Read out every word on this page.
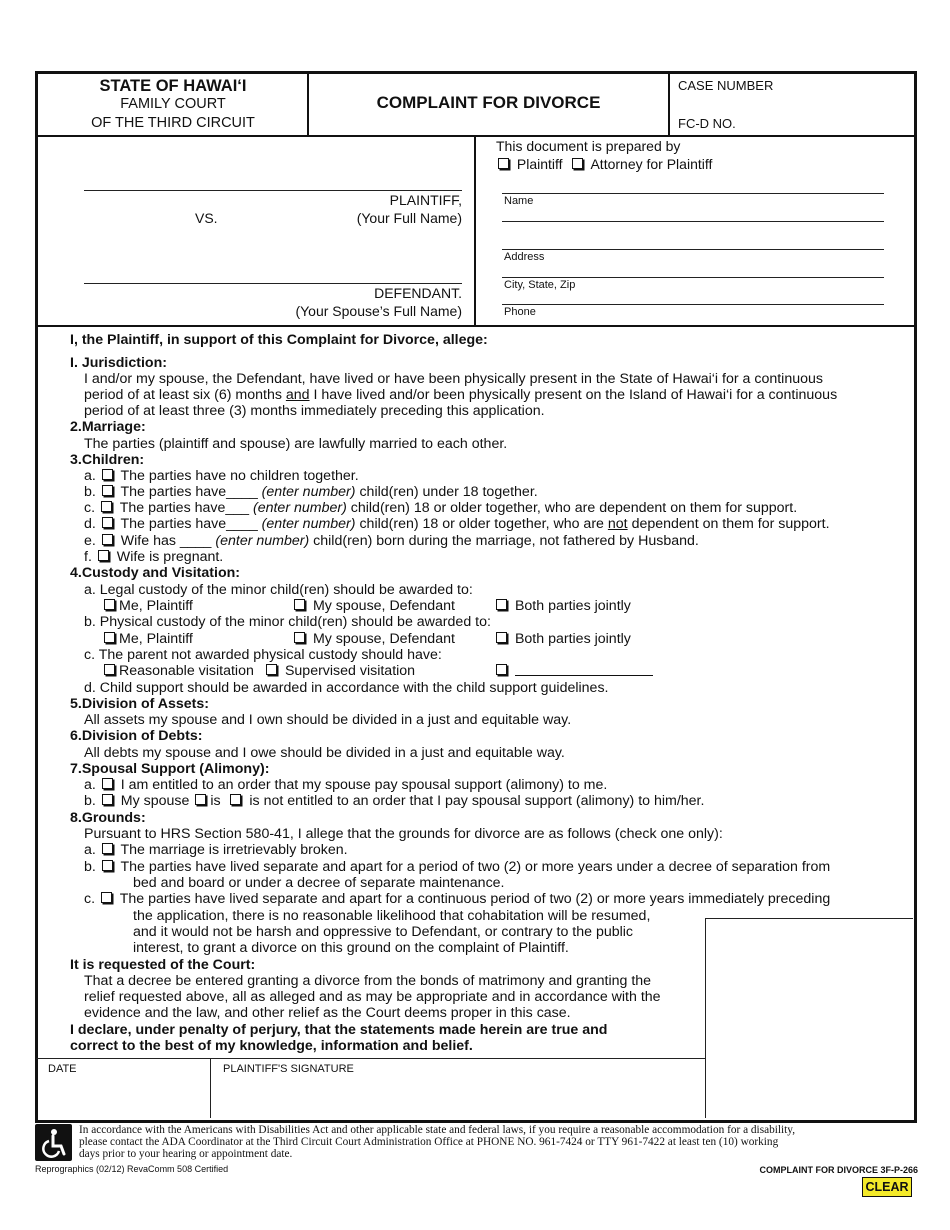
STATE OF HAWAI‘I
FAMILY COURT
OF THE THIRD CIRCUIT
COMPLAINT FOR DIVORCE
CASE NUMBER
FC-D NO.
PLAINTIFF,
(Your Full Name)
VS.
DEFENDANT.
(Your Spouse’s Full Name)
This document is prepared by
Plaintiff Attorney for Plaintiff
Name
Address
City, State, Zip
Phone
I, the Plaintiff, in support of this Complaint for Divorce, allege:
I. Jurisdiction:
I and/or my spouse, the Defendant, have lived or have been physically present in the State of Hawai‘i for a continuous
period of at least six (6) months and I have lived and/or been physically present on the Island of Hawai‘i for a continuous
period of at least three (3) months immediately preceding this application.
2.Marriage:
The parties (plaintiff and spouse) are lawfully married to each other.
3.Children:
a. The parties have no children together.
b. The parties have____ (enter number) child(ren) under 18 together.
c. The parties have___ (enter number) child(ren) 18 or older together, who are dependent on them for support.
d. The parties have____ (enter number) child(ren) 18 or older together, who are not dependent on them for support.
e. Wife has ____ (enter number) child(ren) born during the marriage, not fathered by Husband.
f. Wife is pregnant.
4.Custody and Visitation:
a. Legal custody of the minor child(ren) should be awarded to:
Me, Plaintiff	My spouse, Defendant	Both parties jointly
b. Physical custody of the minor child(ren) should be awarded to:
Me, Plaintiff	My spouse, Defendant	Both parties jointly
c. The parent not awarded physical custody should have:
Reasonable visitation	Supervised visitation

d. Child support should be awarded in accordance with the child support guidelines.
5.Division of Assets:
All assets my spouse and I own should be divided in a just and equitable way.
6.Division of Debts:
All debts my spouse and I owe should be divided in a just and equitable way.
7.Spousal Support (Alimony):
a. I am entitled to an order that my spouse pay spousal support (alimony) to me.
b. My spouse is is not entitled to an order that I pay spousal support (alimony) to him/her.
8.Grounds:
Pursuant to HRS Section 580-41, I allege that the grounds for divorce are as follows (check one only):
a. The marriage is irretrievably broken.
b. The parties have lived separate and apart for a period of two (2) or more years under a decree of separation from
bed and board or under a decree of separate maintenance.
c. The parties have lived separate and apart for a continuous period of two (2) or more years immediately preceding
the application, there is no reasonable likelihood that cohabitation will be resumed,
and it would not be harsh and oppressive to Defendant, or contrary to the public
interest, to grant a divorce on this ground on the complaint of Plaintiff.
It is requested of the Court:
That a decree be entered granting a divorce from the bonds of matrimony and granting the
relief requested above, all as alleged and as may be appropriate and in accordance with the
evidence and the law, and other relief as the Court deems proper in this case.
I declare, under penalty of perjury, that the statements made herein are true and
correct to the best of my knowledge, information and belief.
DATE	PLAINTIFF'S SIGNATURE
In accordance with the Americans with Disabilities Act and other applicable state and federal laws, if you require a reasonable accommodation for a disability,
please contact the ADA Coordinator at the Third Circuit Court Administration Office at PHONE NO. 961-7424 or TTY 961-7422 at least ten (10) working
days prior to your hearing or appointment date.
Reprographics (02/12) RevaComm 508 Certified	COMPLAINT FOR DIVORCE 3F-P-266
CLEAR
